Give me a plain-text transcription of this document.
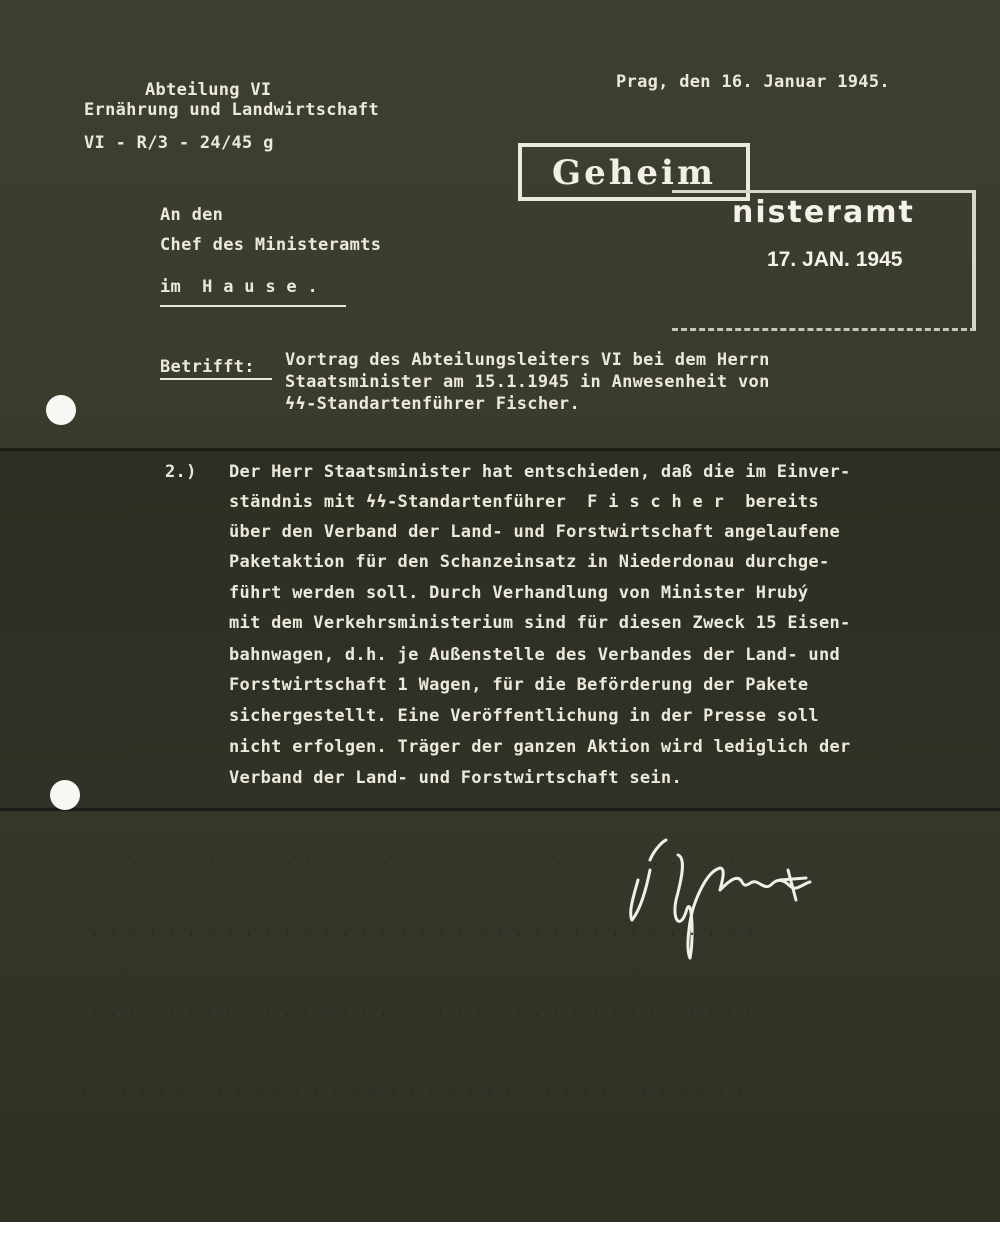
Abteilung VI
Ernährung und Landwirtschaft
VI - R/3 - 24/45 g
Prag, den 16. Januar 1945.
Geheim
nisteramt
17. JAN. 1945
An den
Chef des Ministeramts
im  H a u s e .
Betrifft: Vortrag des Abteilungsleiters VI bei dem Herrn
Staatsminister am 15.1.1945 in Anwesenheit von
ϟϟ-Standartenführer Fischer.
2.) Der Herr Staatsminister hat entschieden, daß die im Einver-
ständnis mit ϟϟ-Standartenführer  F i s c h e r  bereits
über den Verband der Land- und Forstwirtschaft angelaufene
Paketaktion für den Schanzeinsatz in Niederdonau durchge-
führt werden soll. Durch Verhandlung von Minister Hrubý
mit dem Verkehrsministerium sind für diesen Zweck 15 Eisen-
bahnwagen, d.h. je Außenstelle des Verbandes der Land- und
Forstwirtschaft 1 Wagen, für die Beförderung der Pakete
sichergestellt. Eine Veröffentlichung in der Presse soll
nicht erfolgen. Träger der ganzen Aktion wird lediglich der
Verband der Land- und Forstwirtschaft sein.
. . . . . . . . . . . . . . . . . . . . . . . . . . . . . . . .
. . . . . . . . . . . . . . . . . . . . . . . . . . . . . . . . . . .
. . . . . . . . . . . . . . . . . . . . . . . . . . . . . . . . . . . .
. . . . . . . . . . . . . . . . . . . . . . . . . . . . . . . . . . .
